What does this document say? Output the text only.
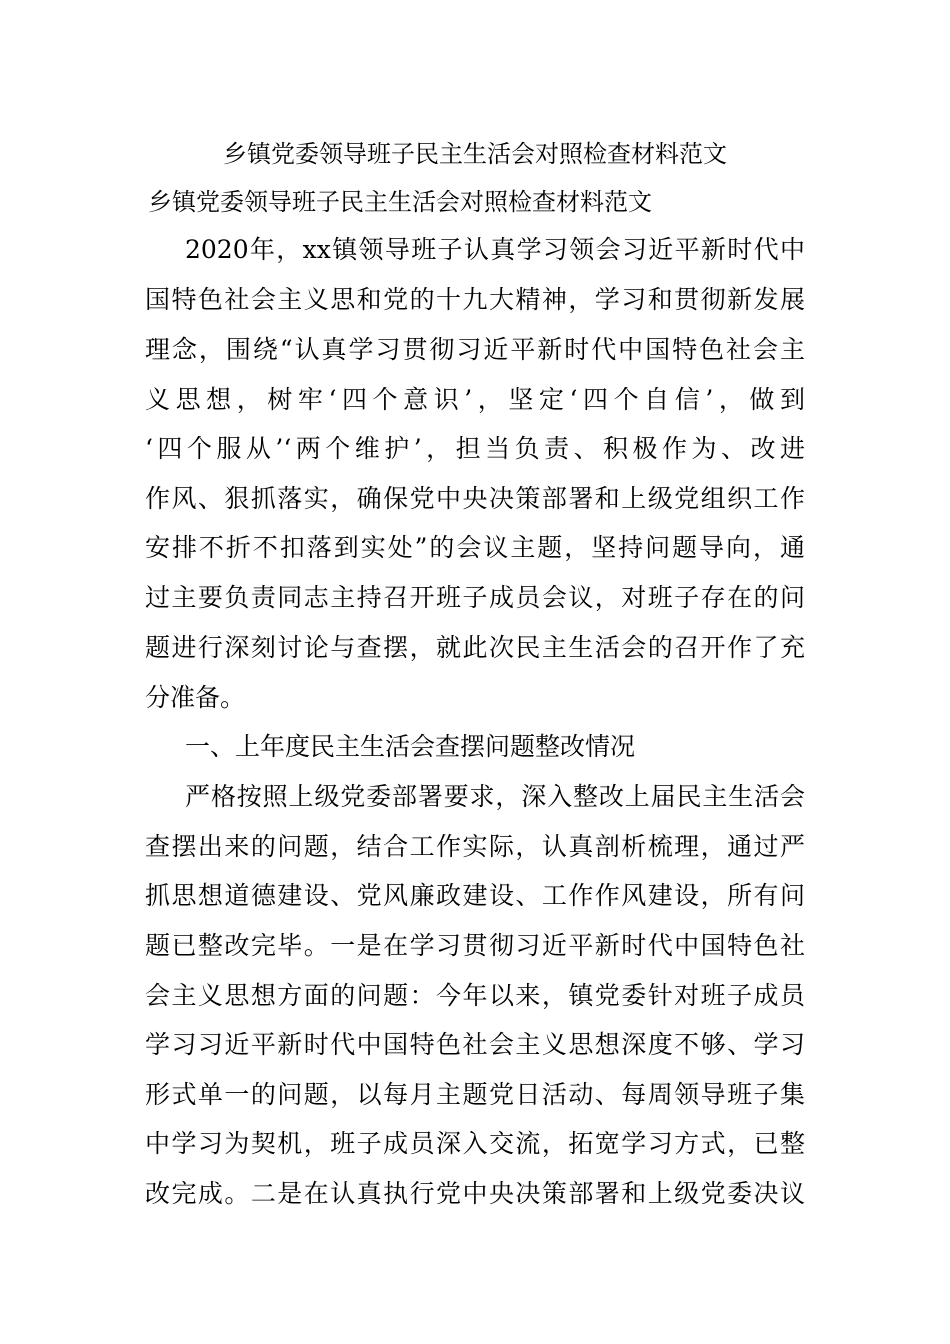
乡镇党委领导班子民主生活会对照检查材料范文
乡镇党委领导班子民主生活会对照检查材料范文
2020年，xx镇领导班子认真学习领会习近平新时代中
国特色社会主义思和党的十九大精神，学习和贯彻新发展
理念，围绕“认真学习贯彻习近平新时代中国特色社会主
义思想，树牢‘四个意识’，坚定‘四个自信’，做到
‘四个服从’‘两个维护’，担当负责、积极作为、改进
作风、狠抓落实，确保党中央决策部署和上级党组织工作
安排不折不扣落到实处”的会议主题，坚持问题导向，通
过主要负责同志主持召开班子成员会议，对班子存在的问
题进行深刻讨论与查摆，就此次民主生活会的召开作了充
分准备。
一、上年度民主生活会查摆问题整改情况
严格按照上级党委部署要求，深入整改上届民主生活会
查摆出来的问题，结合工作实际，认真剖析梳理，通过严
抓思想道德建设、党风廉政建设、工作作风建设，所有问
题已整改完毕。一是在学习贯彻习近平新时代中国特色社
会主义思想方面的问题：今年以来，镇党委针对班子成员
学习习近平新时代中国特色社会主义思想深度不够、学习
形式单一的问题，以每月主题党日活动、每周领导班子集
中学习为契机，班子成员深入交流，拓宽学习方式，已整
改完成。二是在认真执行党中央决策部署和上级党委决议
